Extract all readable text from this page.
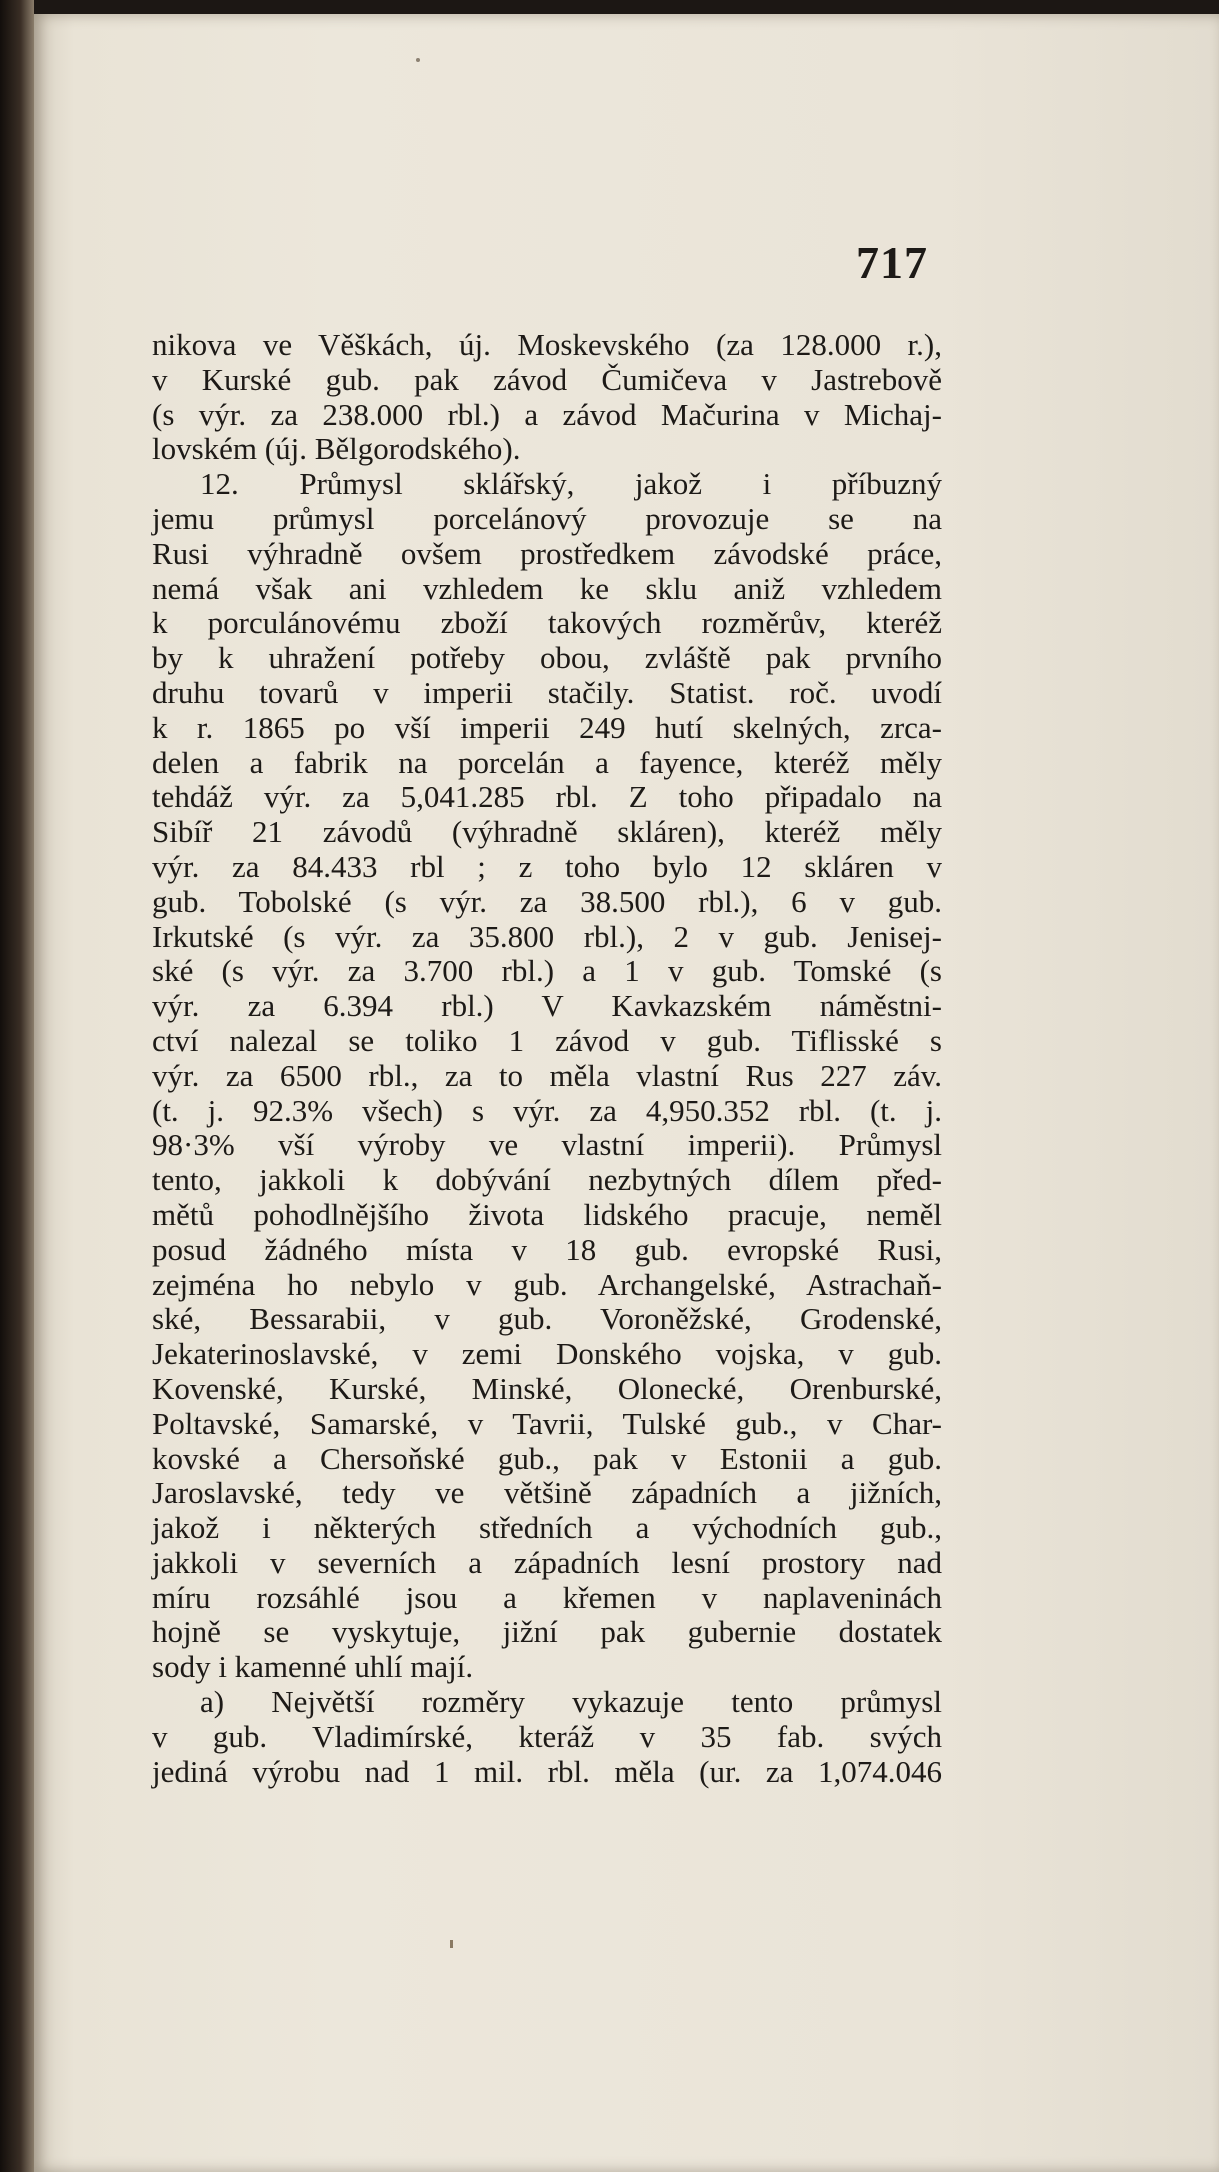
717
nikova ve Věškách, új. Moskevského (za 128.000 r.),
v Kurské gub. pak závod Čumičeva v Jastrebově
(s výr. za 238.000 rbl.) a závod Mačurina v Michaj-
lovském (új. Bělgorodského).
12. Průmysl sklářský, jakož i příbuzný
jemu průmysl porcelánový provozuje se na
Rusi výhradně ovšem prostředkem závodské práce,
nemá však ani vzhledem ke sklu aniž vzhledem
k porculánovému zboží takových rozměrův, kteréž
by k uhražení potřeby obou, zvláště pak prvního
druhu tovarů v imperii stačily. Statist. roč. uvodí
k r. 1865 po vší imperii 249 hutí skelných, zrca-
delen a fabrik na porcelán a fayence, kteréž měly
tehdáž výr. za 5,041.285 rbl. Z toho připadalo na
Sibíř 21 závodů (výhradně skláren), kteréž měly
výr. za 84.433 rbl ; z toho bylo 12 skláren v
gub. Tobolské (s výr. za 38.500 rbl.), 6 v gub.
Irkutské (s výr. za 35.800 rbl.), 2 v gub. Jenisej-
ské (s výr. za 3.700 rbl.) a 1 v gub. Tomské (s
výr. za 6.394 rbl.) V Kavkazském náměstni-
ctví nalezal se toliko 1 závod v gub. Tiflisské s
výr. za 6500 rbl., za to měla vlastní Rus 227 záv.
(t. j. 92.3% všech) s výr. za 4,950.352 rbl. (t. j.
98·3% vší výroby ve vlastní imperii). Průmysl
tento, jakkoli k dobývání nezbytných dílem před-
mětů pohodlnějšího života lidského pracuje, neměl
posud žádného místa v 18 gub. evropské Rusi,
zejména ho nebylo v gub. Archangelské, Astrachaň-
ské, Bessarabii, v gub. Voroněžské, Grodenské,
Jekaterinoslavské, v zemi Donského vojska, v gub.
Kovenské, Kurské, Minské, Olonecké, Orenburské,
Poltavské, Samarské, v Tavrii, Tulské gub., v Char-
kovské a Chersoňské gub., pak v Estonii a gub.
Jaroslavské, tedy ve většině západních a jižních,
jakož i některých středních a východních gub.,
jakkoli v severních a západních lesní prostory nad
míru rozsáhlé jsou a křemen v naplaveninách
hojně se vyskytuje, jižní pak gubernie dostatek
sody i kamenné uhlí mají.
a) Největší rozměry vykazuje tento průmysl
v gub. Vladimírské, kteráž v 35 fab. svých
jediná výrobu nad 1 mil. rbl. měla (ur. za 1,074.046
